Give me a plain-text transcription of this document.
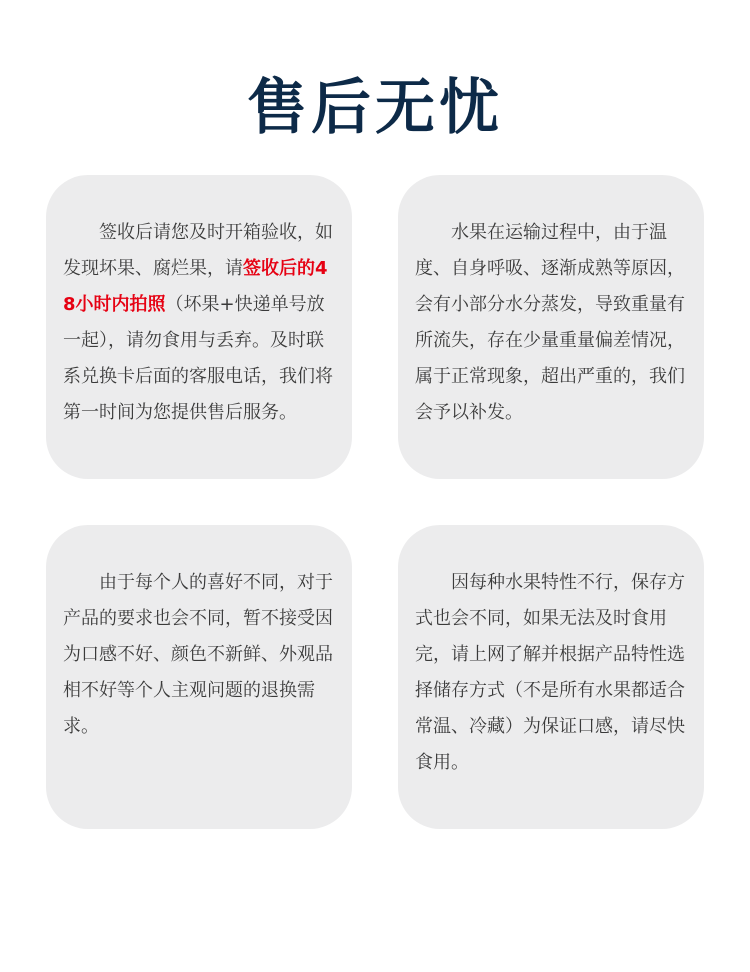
售后无忧

签收后请您及时开箱验收，如发现坏果、腐烂果，请签收后的48小时内拍照（坏果+快递单号放一起），请勿食用与丢弃。及时联系兑换卡后面的客服电话，我们将第一时间为您提供售后服务。

水果在运输过程中，由于温度、自身呼吸、逐渐成熟等原因，会有小部分水分蒸发，导致重量有所流失，存在少量重量偏差情况，属于正常现象，超出严重的，我们会予以补发。

由于每个人的喜好不同，对于产品的要求也会不同，暂不接受因为口感不好、颜色不新鲜、外观品相不好等个人主观问题的退换需求。

因每种水果特性不行，保存方式也会不同，如果无法及时食用完，请上网了解并根据产品特性选择储存方式（不是所有水果都适合常温、冷藏）为保证口感，请尽快食用。
